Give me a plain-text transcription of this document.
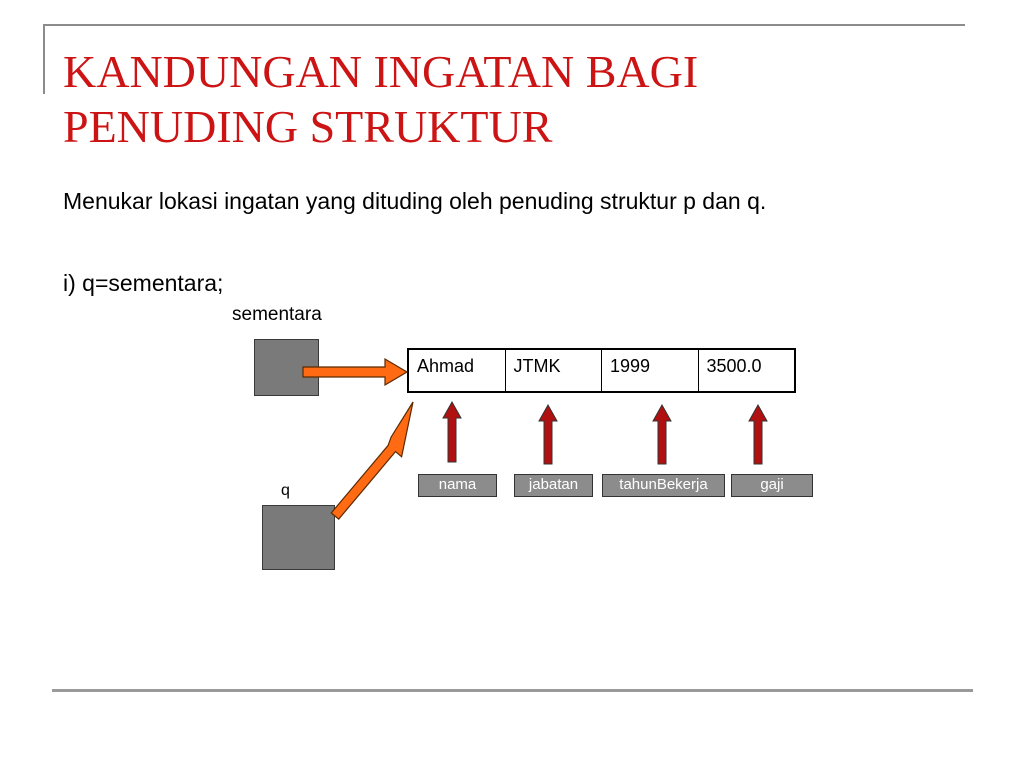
KANDUNGAN INGATAN BAGI
PENUDING STRUKTUR

Menukar lokasi ingatan yang dituding oleh penuding struktur p dan q.

i) q=sementara;

sementara
q
Ahmad	JTMK	1999	3500.0
nama	jabatan	tahunBekerja	gaji
